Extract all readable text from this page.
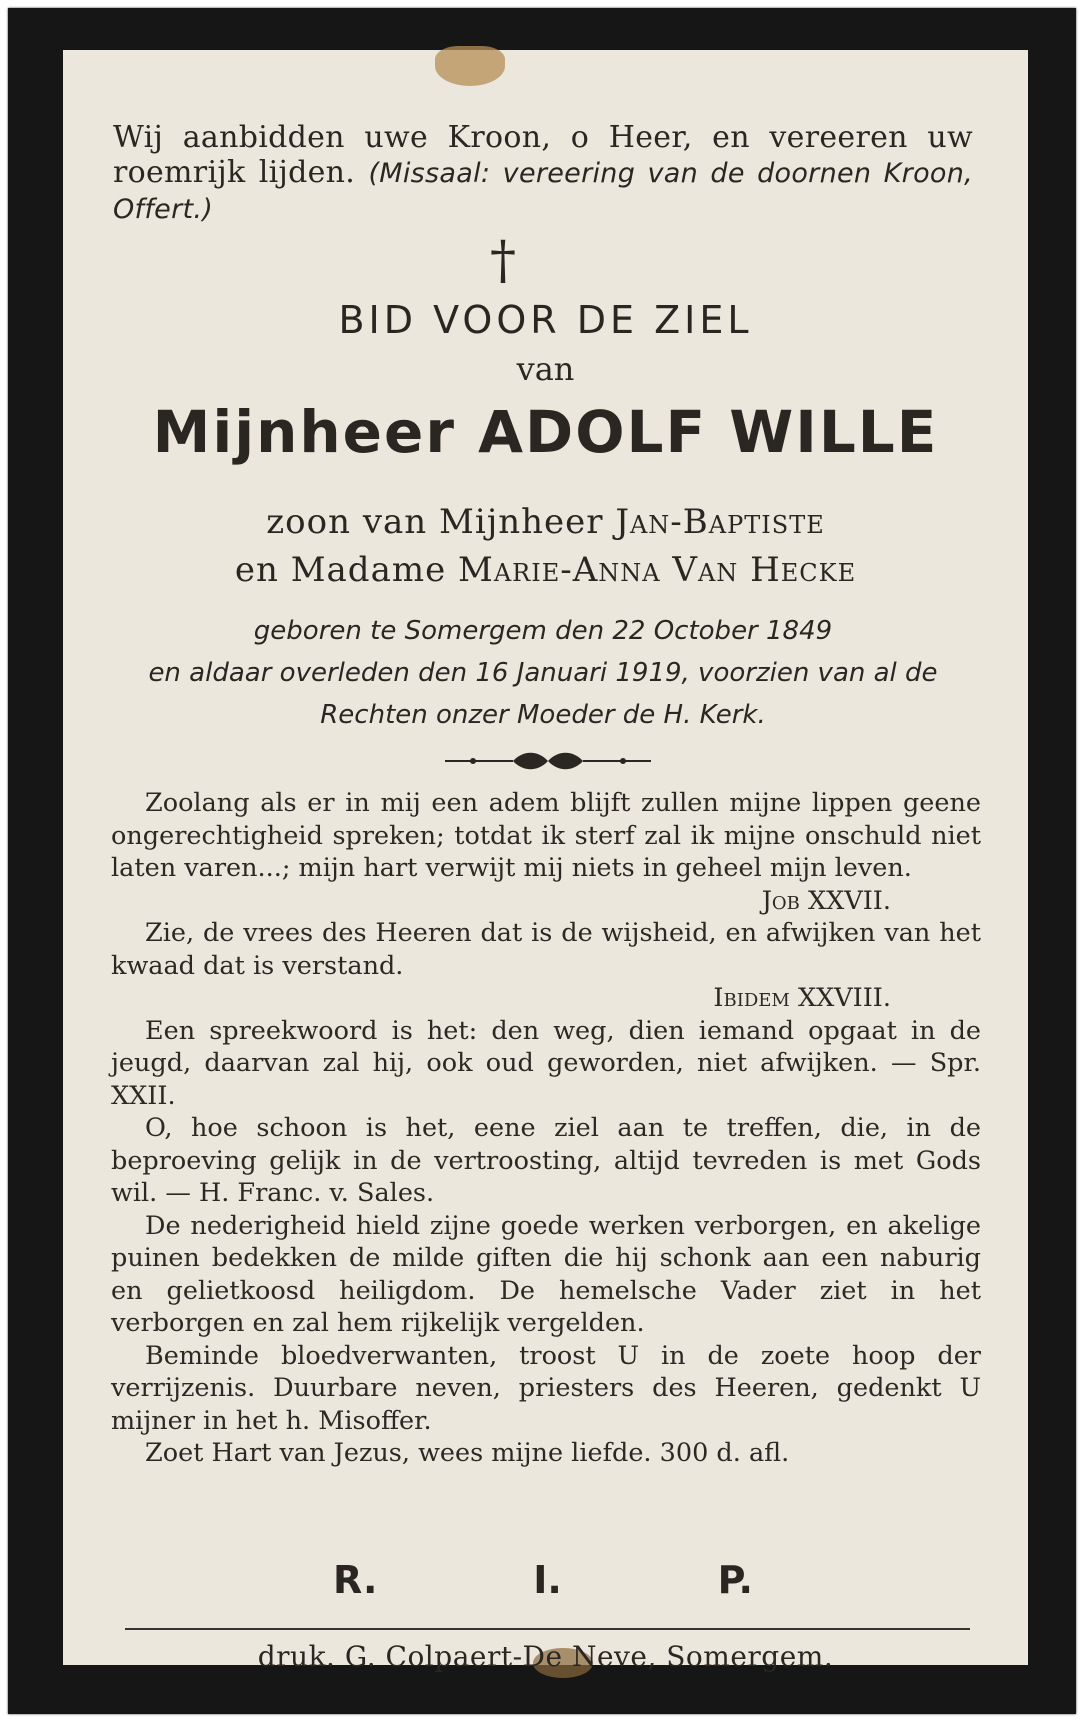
Wij aanbidden uwe Kroon, o Heer, en vereeren uw roemrijk lijden. (Missaal: vereering van de doornen Kroon, Offert.)
†
BID VOOR DE ZIEL
van
Mijnheer ADOLF WILLE
zoon van Mijnheer Jan-Baptiste
en Madame Marie-Anna Van Hecke
geboren te Somergem den 22 October 1849
en aldaar overleden den 16 Januari 1919, voorzien van al de Rechten onzer Moeder de H. Kerk.

Zoolang als er in mij een adem blijft zullen mijne lippen geene ongerechtigheid spreken; totdat ik sterf zal ik mijne onschuld niet laten varen...; mijn hart verwijt mij niets in geheel mijn leven.

Job XXVII.

Zie, de vrees des Heeren dat is de wijsheid, en afwijken van het kwaad dat is verstand.

Ibidem XXVIII.

Een spreekwoord is het: den weg, dien iemand opgaat in de jeugd, daarvan zal hij, ook oud geworden, niet afwijken. — Spr. XXII.

O, hoe schoon is het, eene ziel aan te treffen, die, in de beproeving gelijk in de vertroosting, altijd tevreden is met Gods wil. — H. Franc. v. Sales.

De nederigheid hield zijne goede werken verborgen, en akelige puinen bedekken de milde giften die hij schonk aan een naburig en gelietkoosd heiligdom. De hemelsche Vader ziet in het verborgen en zal hem rijkelijk vergelden.

Beminde bloedverwanten, troost U in de zoete hoop der verrijzenis. Duurbare neven, priesters des Heeren, gedenkt U mijner in het h. Misoffer.

Zoet Hart van Jezus, wees mijne liefde. 300 d. afl.

R.	I.	P.
druk. G. Colpaert-De Neve, Somergem.
